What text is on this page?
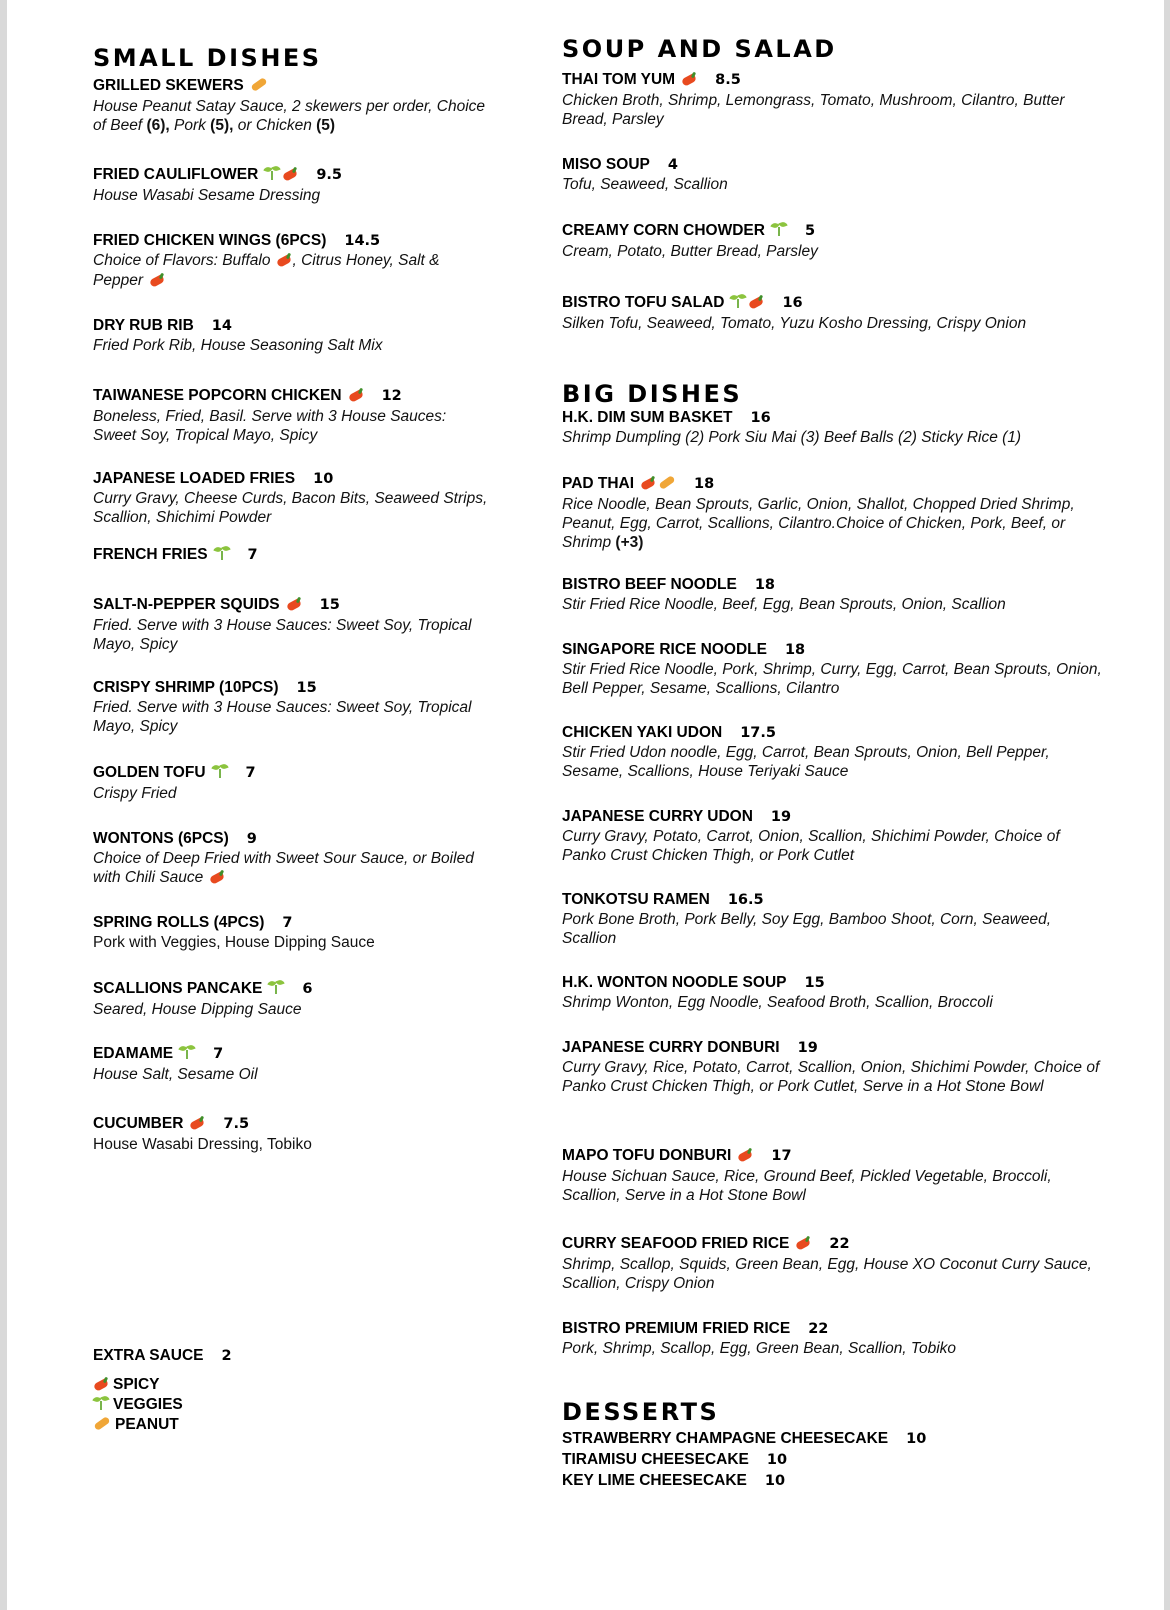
SMALL DISHES
GRILLED SKEWERS
House Peanut Satay Sauce, 2 skewers per order, Choice of Beef (6), Pork (5), or Chicken (5)
FRIED CAULIFLOWER	9.5
House Wasabi Sesame Dressing
FRIED CHICKEN WINGS (6PCS) 14.5
Choice of Flavors: Buffalo , Citrus Honey, Salt & Pepper
DRY RUB RIB 14
Fried Pork Rib, House Seasoning Salt Mix
TAIWANESE POPCORN CHICKEN	12
Boneless, Fried, Basil. Serve with 3 House Sauces: Sweet Soy, Tropical Mayo, Spicy
JAPANESE LOADED FRIES 10
Curry Gravy, Cheese Curds, Bacon Bits, Seaweed Strips, Scallion, Shichimi Powder
FRENCH FRIES	7
SALT-N-PEPPER SQUIDS	15
Fried. Serve with 3 House Sauces: Sweet Soy, Tropical Mayo, Spicy
CRISPY SHRIMP (10PCS) 15
Fried. Serve with 3 House Sauces: Sweet Soy, Tropical Mayo, Spicy
GOLDEN TOFU	7
Crispy Fried
WONTONS (6PCS) 9
Choice of Deep Fried with Sweet Sour Sauce, or Boiled with Chili Sauce
SPRING ROLLS (4PCS) 7
Pork with Veggies, House Dipping Sauce
SCALLIONS PANCAKE	6
Seared, House Dipping Sauce
EDAMAME	7
House Salt, Sesame Oil
CUCUMBER	7.5
House Wasabi Dressing, Tobiko
EXTRA SAUCE 2
SPICY
VEGGIES
PEANUT
SOUP AND SALAD
THAI TOM YUM	8.5
Chicken Broth, Shrimp, Lemongrass, Tomato, Mushroom, Cilantro, Butter Bread, Parsley
MISO SOUP 4
Tofu, Seaweed, Scallion
CREAMY CORN CHOWDER	5
Cream, Potato, Butter Bread, Parsley
BISTRO TOFU SALAD	16
Silken Tofu, Seaweed, Tomato, Yuzu Kosho Dressing, Crispy Onion
BIG DISHES
H.K. DIM SUM BASKET 16
Shrimp Dumpling (2) Pork Siu Mai (3) Beef Balls (2) Sticky Rice (1)
PAD THAI	18
Rice Noodle, Bean Sprouts, Garlic, Onion, Shallot, Chopped Dried Shrimp, Peanut, Egg, Carrot, Scallions, Cilantro.Choice of Chicken, Pork, Beef, or Shrimp (+3)
BISTRO BEEF NOODLE 18
Stir Fried Rice Noodle, Beef, Egg, Bean Sprouts, Onion, Scallion
SINGAPORE RICE NOODLE 18
Stir Fried Rice Noodle, Pork, Shrimp, Curry, Egg, Carrot, Bean Sprouts, Onion, Bell Pepper, Sesame, Scallions, Cilantro
CHICKEN YAKI UDON 17.5
Stir Fried Udon noodle, Egg, Carrot, Bean Sprouts, Onion, Bell Pepper, Sesame, Scallions, House Teriyaki Sauce
JAPANESE CURRY UDON 19
Curry Gravy, Potato, Carrot, Onion, Scallion, Shichimi Powder, Choice of Panko Crust Chicken Thigh, or Pork Cutlet
TONKOTSU RAMEN 16.5
Pork Bone Broth, Pork Belly, Soy Egg, Bamboo Shoot, Corn, Seaweed, Scallion
H.K. WONTON NOODLE SOUP 15
Shrimp Wonton, Egg Noodle, Seafood Broth, Scallion, Broccoli
JAPANESE CURRY DONBURI 19
Curry Gravy, Rice, Potato, Carrot, Scallion, Onion, Shichimi Powder, Choice of Panko Crust Chicken Thigh, or Pork Cutlet, Serve in a Hot Stone Bowl
MAPO TOFU DONBURI	17
House Sichuan Sauce, Rice, Ground Beef, Pickled Vegetable, Broccoli, Scallion, Serve in a Hot Stone Bowl
CURRY SEAFOOD FRIED RICE	22
Shrimp, Scallop, Squids, Green Bean, Egg, House XO Coconut Curry Sauce, Scallion, Crispy Onion
BISTRO PREMIUM FRIED RICE 22
Pork, Shrimp, Scallop, Egg, Green Bean, Scallion, Tobiko
DESSERTS
STRAWBERRY CHAMPAGNE CHEESECAKE 10
TIRAMISU CHEESECAKE 10
KEY LIME CHEESECAKE 10
